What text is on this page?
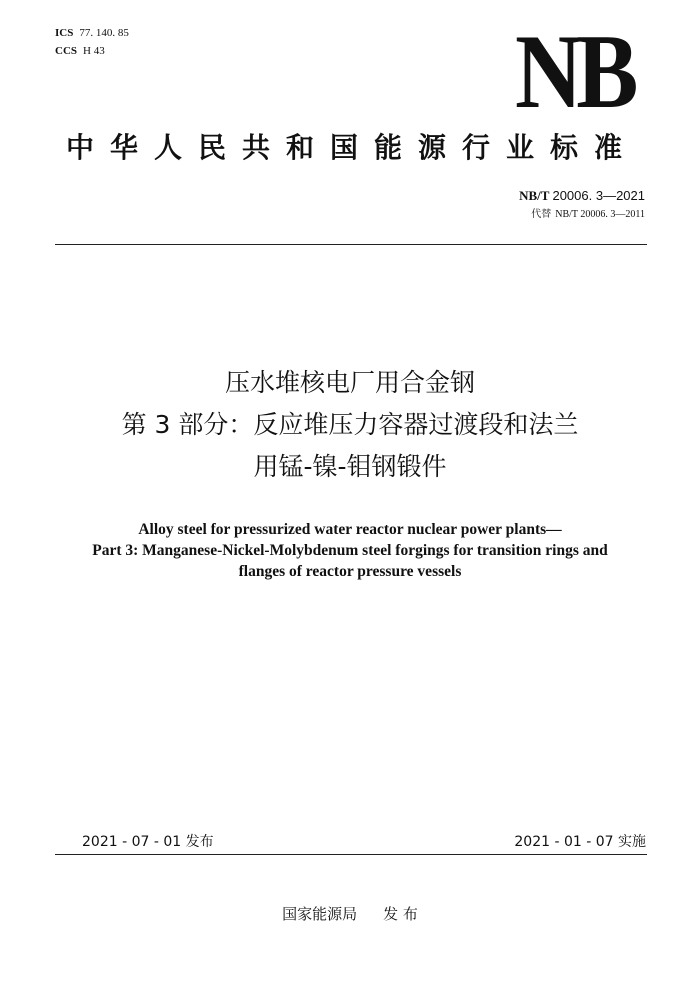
ICS 77. 140. 85
CCS H 43	NB
中华人民共和国能源行业标准
NB/T 20006. 3—2021
代替 NB/T 20006. 3—2011
压水堆核电厂用合金钢
第 3 部分：反应堆压力容器过渡段和法兰
用锰-镍-钼钢锻件
Alloy steel for pressurized water reactor nuclear power plants—
Part 3: Manganese-Nickel-Molybdenum steel forgings for transition rings and
flanges of reactor pressure vessels
2021 - 07 - 01 发布	2021 - 01 - 07 实施
国家能源局 发 布
